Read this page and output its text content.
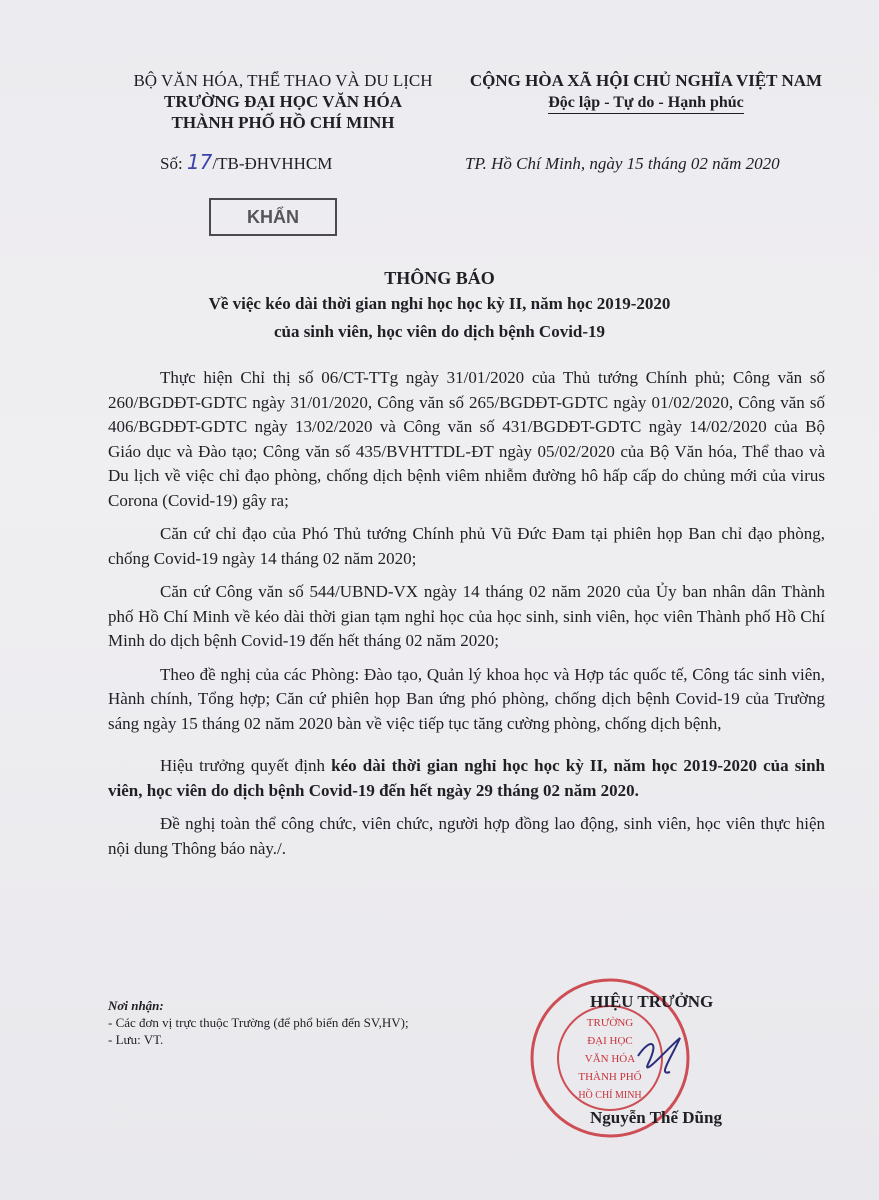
BỘ VĂN HÓA, THỂ THAO VÀ DU LỊCH
TRƯỜNG ĐẠI HỌC VĂN HÓA
THÀNH PHỐ HỒ CHÍ MINH
CỘNG HÒA XÃ HỘI CHỦ NGHĨA VIỆT NAM
Độc lập - Tự do - Hạnh phúc
Số: 17/TB-ĐHVHHCM	TP. Hồ Chí Minh, ngày 15 tháng 02 năm 2020
KHẨN
THÔNG BÁO
Về việc kéo dài thời gian nghỉ học học kỳ II, năm học 2019-2020
của sinh viên, học viên do dịch bệnh Covid-19

Thực hiện Chỉ thị số 06/CT-TTg ngày 31/01/2020 của Thủ tướng Chính phủ; Công văn số 260/BGDĐT-GDTC ngày 31/01/2020, Công văn số 265/BGDĐT-GDTC ngày 01/02/2020, Công văn số 406/BGDĐT-GDTC ngày 13/02/2020 và Công văn số 431/BGDĐT-GDTC ngày 14/02/2020 của Bộ Giáo dục và Đào tạo; Công văn số 435/BVHTTDL-ĐT ngày 05/02/2020 của Bộ Văn hóa, Thể thao và Du lịch về việc chỉ đạo phòng, chống dịch bệnh viêm nhiễm đường hô hấp cấp do chủng mới của virus Corona (Covid-19) gây ra;

Căn cứ chỉ đạo của Phó Thủ tướng Chính phủ Vũ Đức Đam tại phiên họp Ban chỉ đạo phòng, chống Covid-19 ngày 14 tháng 02 năm 2020;

Căn cứ Công văn số 544/UBND-VX ngày 14 tháng 02 năm 2020 của Ủy ban nhân dân Thành phố Hồ Chí Minh về kéo dài thời gian tạm nghỉ học của học sinh, sinh viên, học viên Thành phố Hồ Chí Minh do dịch bệnh Covid-19 đến hết tháng 02 năm 2020;

Theo đề nghị của các Phòng: Đào tạo, Quản lý khoa học và Hợp tác quốc tế, Công tác sinh viên, Hành chính, Tổng hợp; Căn cứ phiên họp Ban ứng phó phòng, chống dịch bệnh Covid-19 của Trường sáng ngày 15 tháng 02 năm 2020 bàn về việc tiếp tục tăng cường phòng, chống dịch bệnh,

Hiệu trưởng quyết định kéo dài thời gian nghỉ học học kỳ II, năm học 2019-2020 của sinh viên, học viên do dịch bệnh Covid-19 đến hết ngày 29 tháng 02 năm 2020.

Đề nghị toàn thể công chức, viên chức, người hợp đồng lao động, sinh viên, học viên thực hiện nội dung Thông báo này./.

Nơi nhận:
- Các đơn vị trực thuộc Trường (để phổ biến đến SV,HV);
- Lưu: VT.
TRƯỜNG
ĐẠI HỌC
VĂN HÓA
THÀNH PHỐ
HỒ CHÍ MINH
HIỆU TRƯỞNG
Nguyễn Thế Dũng
